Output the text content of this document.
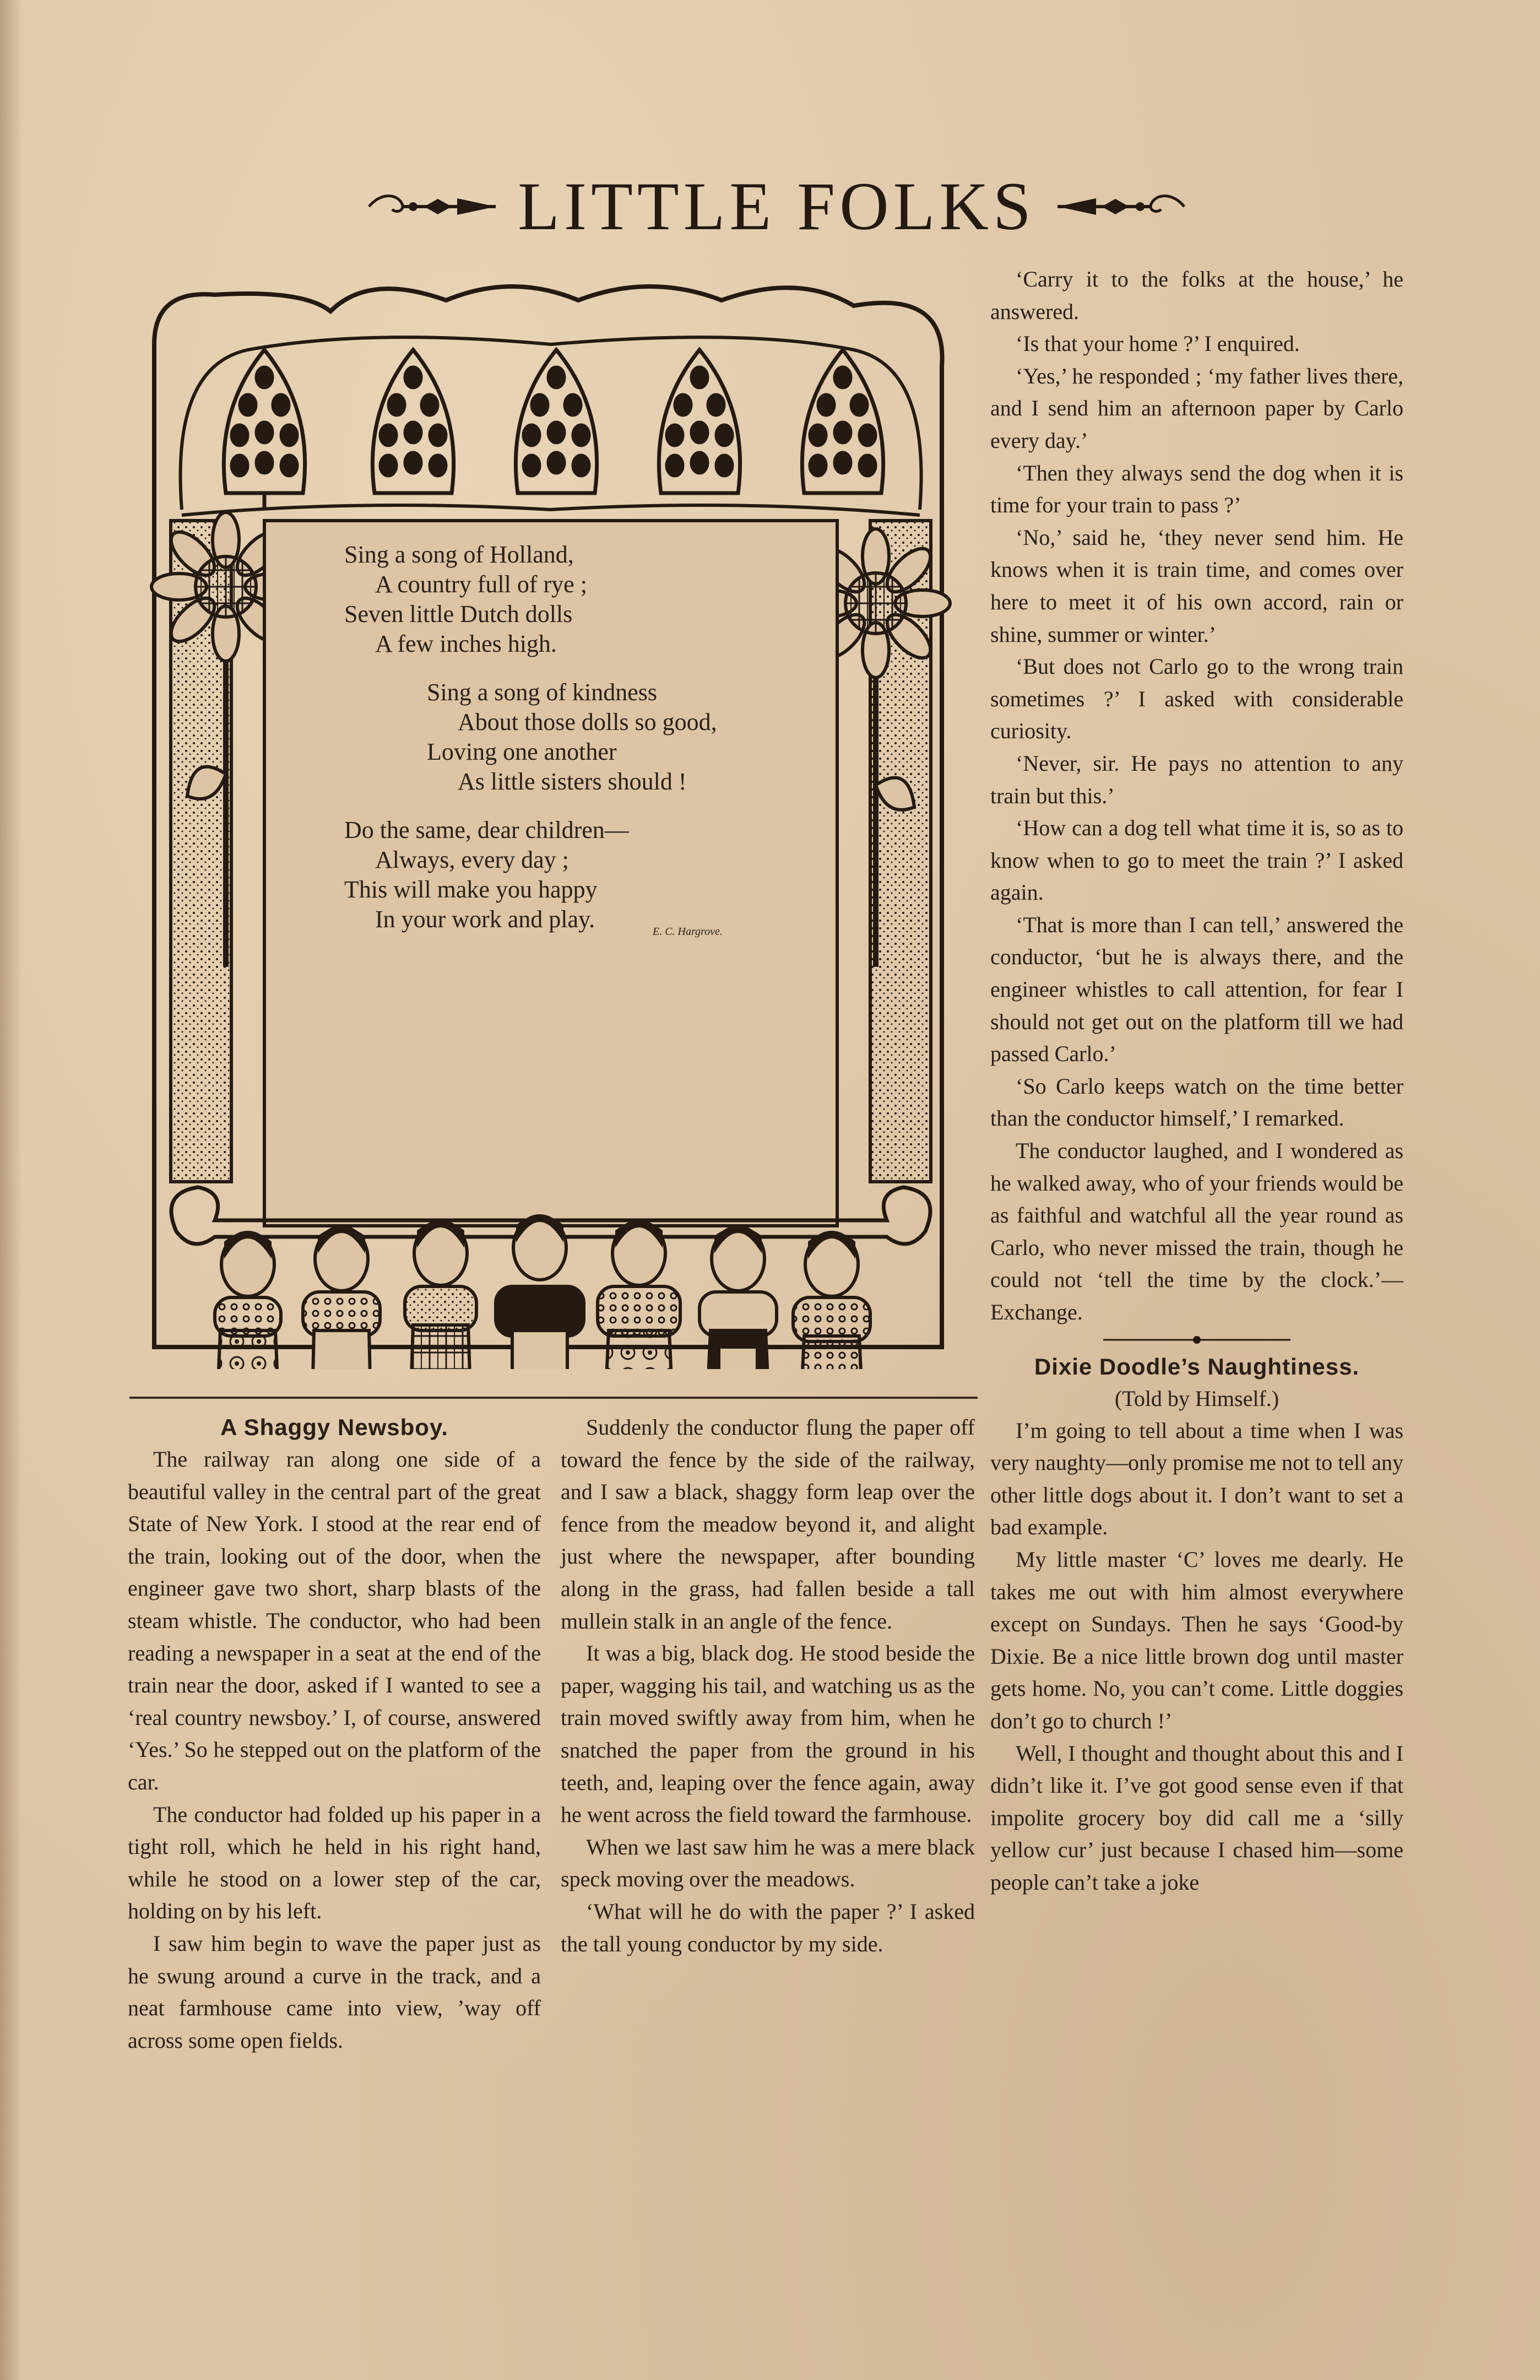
LITTLE FOLKS
Sing a song of Holland,
A country full of rye ;
Seven little Dutch dolls
A few inches high.
Sing a song of kindness
About those dolls so good,
Loving one another
As little sisters should !
Do the same, dear children—
Always, every day ;
This will make you happy
In your work and play.	E. C. Hargrove.
A Shaggy Newsboy.

The railway ran along one side of a beautiful valley in the central part of the great State of New York. I stood at the rear end of the train, looking out of the door, when the engineer gave two short, sharp blasts of the steam whistle. The conductor, who had been reading a newspaper in a seat at the end of the train near the door, asked if I wanted to see a ‘real country newsboy.’ I, of course, answered ‘Yes.’ So he stepped out on the platform of the car.

The conductor had folded up his paper in a tight roll, which he held in his right hand, while he stood on a lower step of the car, holding on by his left.

I saw him begin to wave the paper just as he swung around a curve in the track, and a neat farmhouse came into view, ’way off across some open fields.

Suddenly the conductor flung the paper off toward the fence by the side of the railway, and I saw a black, shaggy form leap over the fence from the meadow beyond it, and alight just where the newspaper, after bounding along in the grass, had fallen beside a tall mullein stalk in an angle of the fence.

It was a big, black dog. He stood beside the paper, wagging his tail, and watching us as the train moved swiftly away from him, when he snatched the paper from the ground in his teeth, and, leaping over the fence again, away he went across the field toward the farmhouse.

When we last saw him he was a mere black speck moving over the meadows.

‘What will he do with the paper ?’ I asked the tall young conductor by my side.

‘Carry it to the folks at the house,’ he answered.

‘Is that your home ?’ I enquired.

‘Yes,’ he responded ; ‘my father lives there, and I send him an afternoon paper by Carlo every day.’

‘Then they always send the dog when it is time for your train to pass ?’

‘No,’ said he, ‘they never send him. He knows when it is train time, and comes over here to meet it of his own accord, rain or shine, summer or winter.’

‘But does not Carlo go to the wrong train sometimes ?’ I asked with considerable curiosity.

‘Never, sir. He pays no attention to any train but this.’

‘How can a dog tell what time it is, so as to know when to go to meet the train ?’ I asked again.

‘That is more than I can tell,’ answered the conductor, ‘but he is always there, and the engineer whistles to call attention, for fear I should not get out on the platform till we had passed Carlo.’

‘So Carlo keeps watch on the time better than the conductor himself,’ I remarked.

The conductor laughed, and I wondered as he walked away, who of your friends would be as faithful and watchful all the year round as Carlo, who never missed the train, though he could not ‘tell the time by the clock.’—Exchange.

Dixie Doodle’s Naughtiness.

(Told by Himself.)

I’m going to tell about a time when I was very naughty—only promise me not to tell any other little dogs about it. I don’t want to set a bad example.

My little master ‘C’ loves me dearly. He takes me out with him almost everywhere except on Sundays. Then he says ‘Good-by Dixie. Be a nice little brown dog until master gets home. No, you can’t come. Little doggies don’t go to church !’

Well, I thought and thought about this and I didn’t like it. I’ve got good sense even if that impolite grocery boy did call me a ‘silly yellow cur’ just because I chased him—some people can’t take a joke
